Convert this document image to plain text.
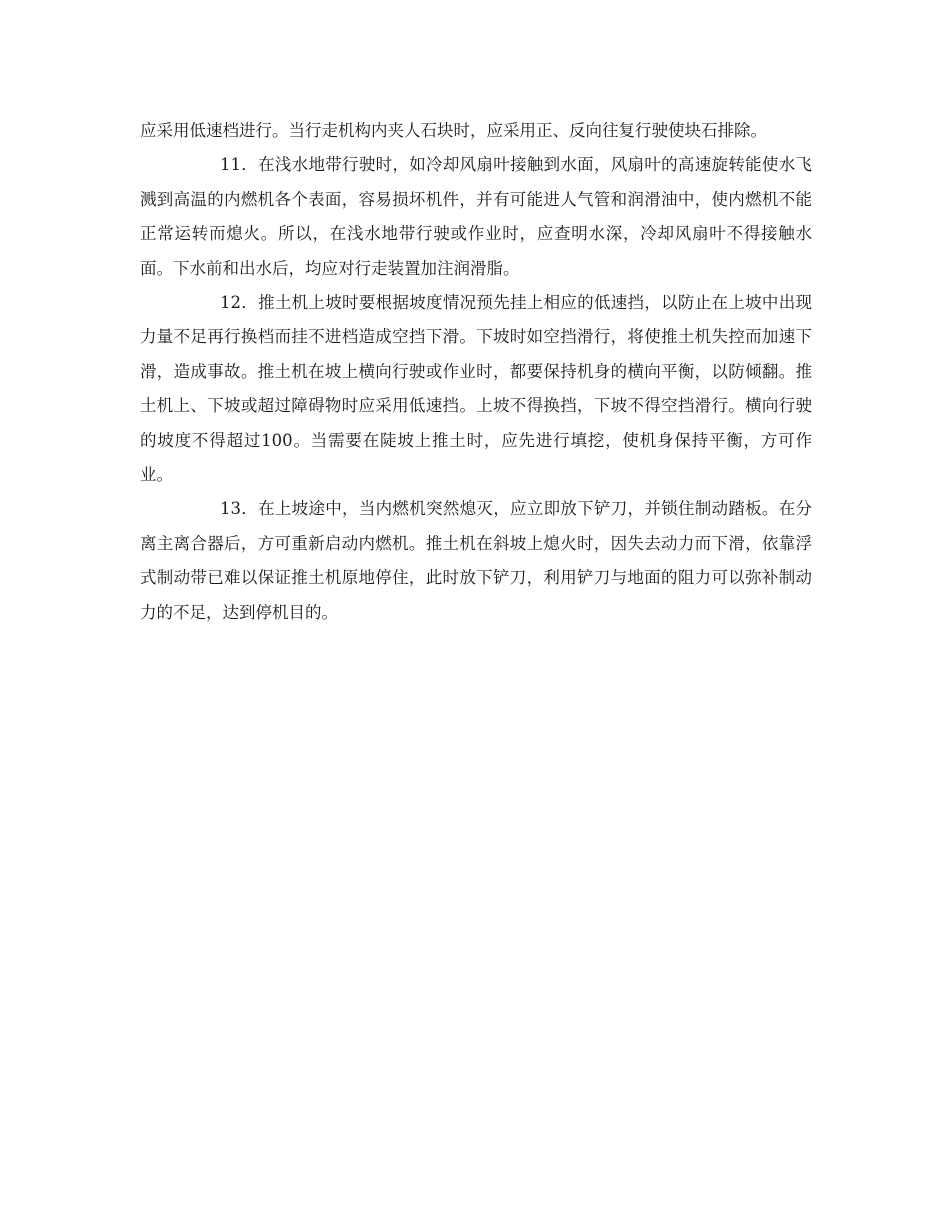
应采用低速档进行。当行走机构内夹人石块时，应采用正、反向往复行驶使块石排除。

11．在浅水地带行驶时，如冷却风扇叶接触到水面，风扇叶的高速旋转能使水飞溅到高温的内燃机各个表面，容易损坏机件，并有可能进人气管和润滑油中，使内燃机不能正常运转而熄火。所以，在浅水地带行驶或作业时，应查明水深，冷却风扇叶不得接触水面。下水前和出水后，均应对行走装置加注润滑脂。

12．推土机上坡时要根据坡度情况预先挂上相应的低速挡，以防止在上坡中出现力量不足再行换档而挂不进档造成空挡下滑。下坡时如空挡滑行，将使推土机失控而加速下滑，造成事故。推土机在坡上横向行驶或作业时，都要保持机身的横向平衡，以防倾翻。推土机上、下坡或超过障碍物时应采用低速挡。上坡不得换挡，下坡不得空挡滑行。横向行驶的坡度不得超过100。当需要在陡坡上推土时，应先进行填挖，使机身保持平衡，方可作业。

13．在上坡途中，当内燃机突然熄灭，应立即放下铲刀，并锁住制动踏板。在分离主离合器后，方可重新启动内燃机。推土机在斜坡上熄火时，因失去动力而下滑，依靠浮式制动带已难以保证推土机原地停住，此时放下铲刀，利用铲刀与地面的阻力可以弥补制动力的不足，达到停机目的。
